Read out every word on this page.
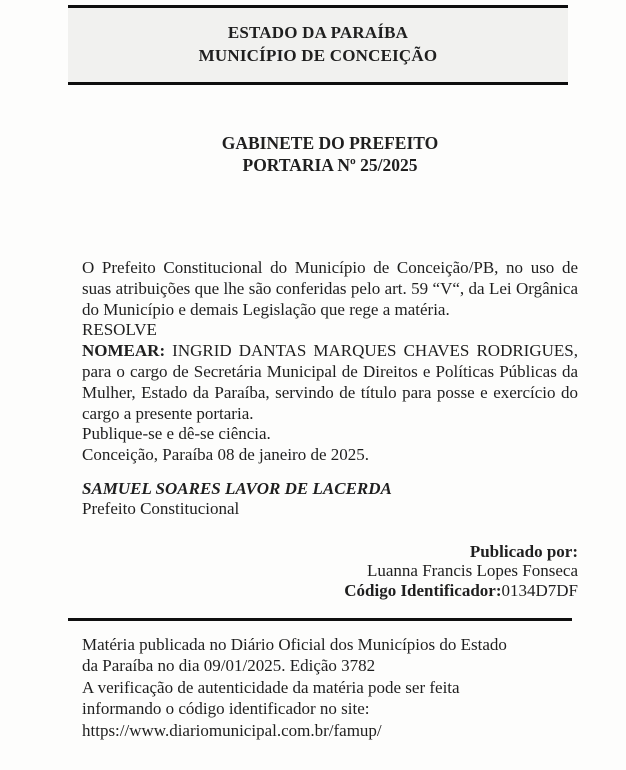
ESTADO DA PARAÍBA
MUNICÍPIO DE CONCEIÇÃO
GABINETE DO PREFEITO
PORTARIA Nº 25/2025

O Prefeito Constitucional do Município de Conceição/PB, no uso de suas atribuições que lhe são conferidas pelo art. 59 “V“, da Lei Orgânica do Município e demais Legislação que rege a matéria.

RESOLVE

NOMEAR: INGRID DANTAS MARQUES CHAVES RODRIGUES, para o cargo de Secretária Municipal de Direitos e Políticas Públicas da Mulher, Estado da Paraíba, servindo de título para posse e exercício do cargo a presente portaria.

Publique-se e dê-se ciência.

Conceição, Paraíba 08 de janeiro de 2025.

SAMUEL SOARES LAVOR DE LACERDA
Prefeito Constitucional
Publicado por:
Luanna Francis Lopes Fonseca
Código Identificador:0134D7DF
Matéria publicada no Diário Oficial dos Municípios do Estado
da Paraíba no dia 09/01/2025. Edição 3782
A verificação de autenticidade da matéria pode ser feita
informando o código identificador no site:
https://www.diariomunicipal.com.br/famup/
